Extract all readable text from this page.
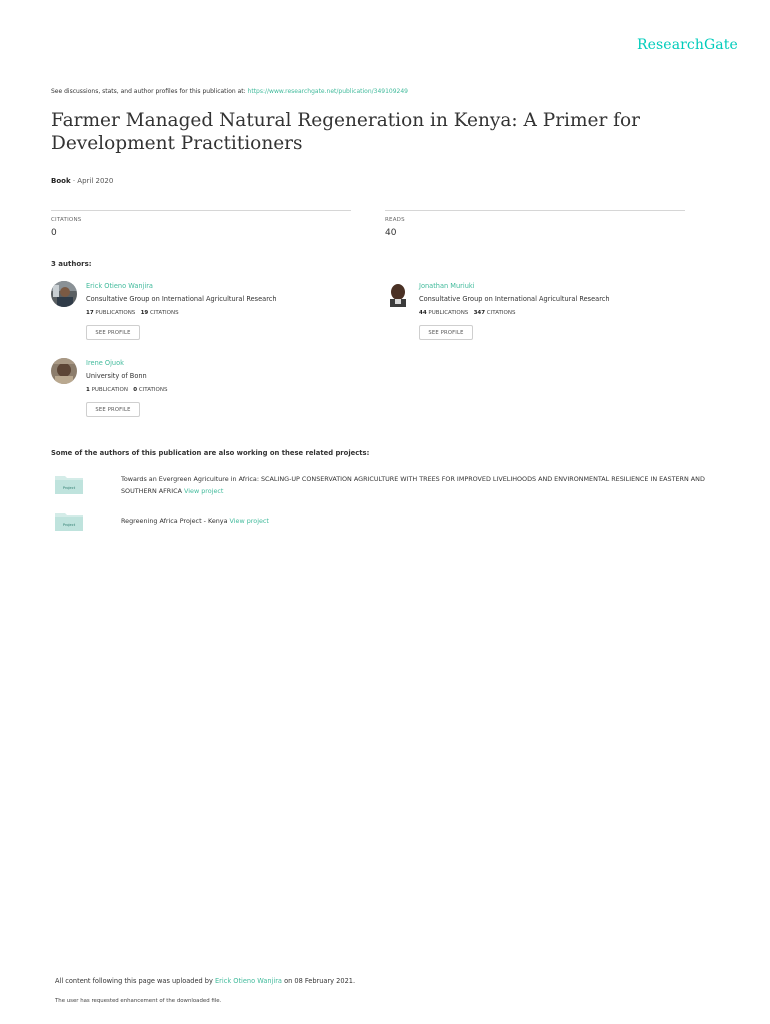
ResearchGate
See discussions, stats, and author profiles for this publication at: https://www.researchgate.net/publication/349109249
Farmer Managed Natural Regeneration in Kenya: A Primer for Development Practitioners
Book · April 2020
CITATIONS
0
READS
40
3 authors:
Erick Otieno Wanjira
Consultative Group on International Agricultural Research
17 PUBLICATIONS 19 CITATIONS
SEE PROFILE
Jonathan Muriuki
Consultative Group on International Agricultural Research
44 PUBLICATIONS 347 CITATIONS
SEE PROFILE
Irene Ojuok
University of Bonn
1 PUBLICATION 0 CITATIONS
SEE PROFILE
Some of the authors of this publication are also working on these related projects:
Project
Towards an Evergreen Agriculture in Africa: SCALING-UP CONSERVATION AGRICULTURE WITH TREES FOR IMPROVED LIVELIHOODS AND ENVIRONMENTAL RESILIENCE IN EASTERN AND SOUTHERN AFRICA View project
Project	Regreening Africa Project - Kenya View project
All content following this page was uploaded by Erick Otieno Wanjira on 08 February 2021.
The user has requested enhancement of the downloaded file.
